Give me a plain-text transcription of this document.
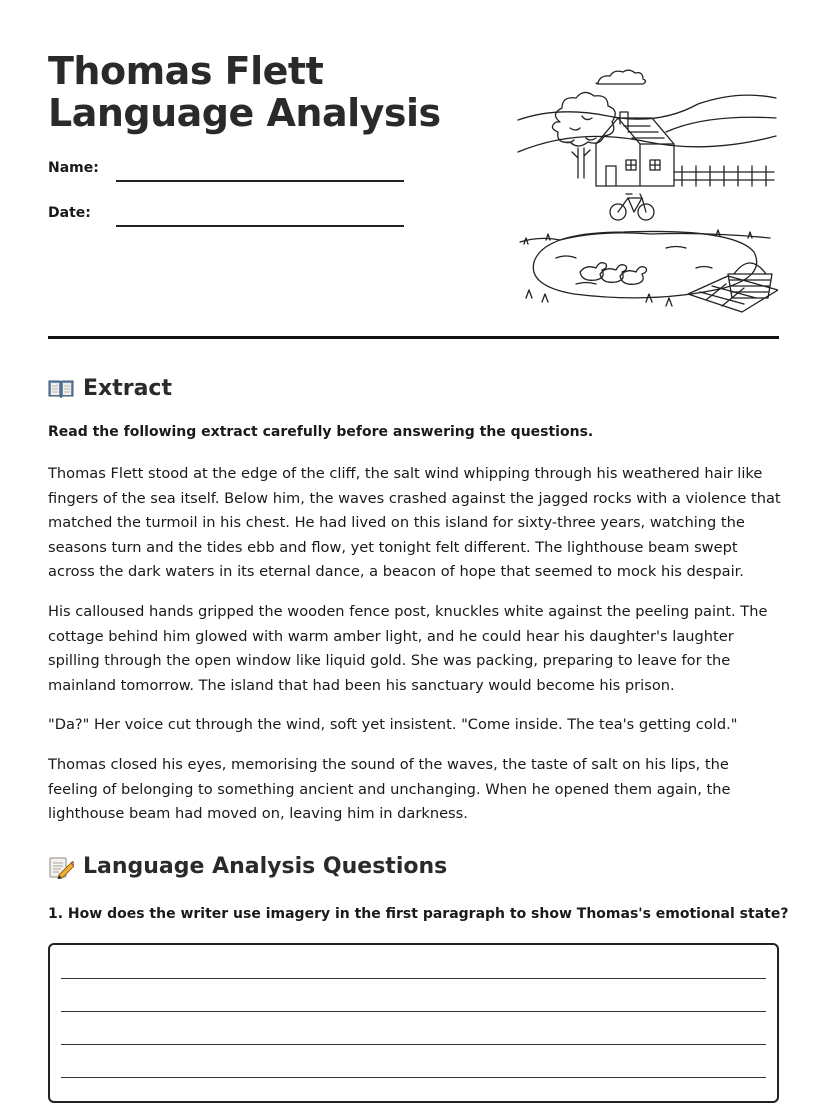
Thomas Flett Language Analysis
Name:
Date:
Extract
Read the following extract carefully before answering the questions.

Thomas Flett stood at the edge of the cliff, the salt wind whipping through his weathered hair like fingers of the sea itself. Below him, the waves crashed against the jagged rocks with a violence that matched the turmoil in his chest. He had lived on this island for sixty-three years, watching the seasons turn and the tides ebb and flow, yet tonight felt different. The lighthouse beam swept across the dark waters in its eternal dance, a beacon of hope that seemed to mock his despair.

His calloused hands gripped the wooden fence post, knuckles white against the peeling paint. The cottage behind him glowed with warm amber light, and he could hear his daughter's laughter spilling through the open window like liquid gold. She was packing, preparing to leave for the mainland tomorrow. The island that had been his sanctuary would become his prison.

"Da?" Her voice cut through the wind, soft yet insistent. "Come inside. The tea's getting cold."

Thomas closed his eyes, memorising the sound of the waves, the taste of salt on his lips, the feeling of belonging to something ancient and unchanging. When he opened them again, the lighthouse beam had moved on, leaving him in darkness.

Language Analysis Questions
1. How does the writer use imagery in the first paragraph to show Thomas's emotional state?
